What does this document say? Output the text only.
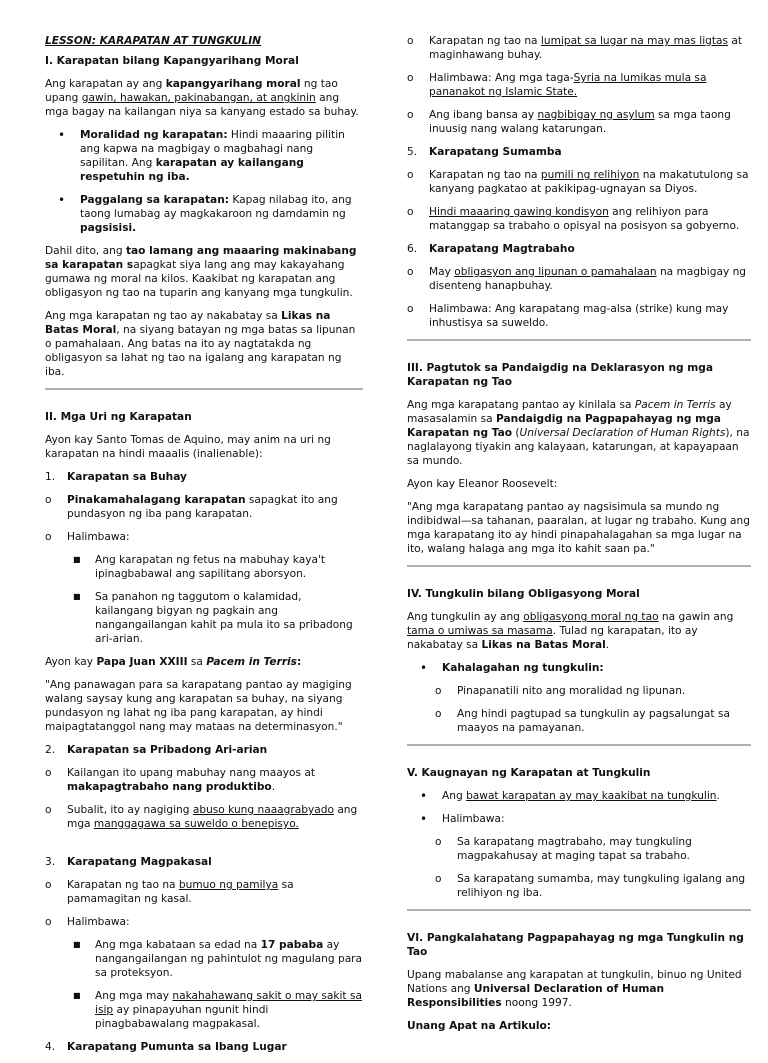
LESSON: KARAPATAN AT TUNGKULIN

I. Karapatan bilang Kapangyarihang Moral

Ang karapatan ay ang kapangyarihang moral ng tao upang gawin, hawakan, pakinabangan, at angkinin ang mga bagay na kailangan niya sa kanyang estado sa buhay.

• Moralidad ng karapatan: Hindi maaaring pilitin ang kapwa na magbigay o magbahagi nang sapilitan. Ang karapatan ay kailangang respetuhin ng iba.
• Paggalang sa karapatan: Kapag nilabag ito, ang taong lumabag ay magkakaroon ng damdamin ng pagsisisi.

Dahil dito, ang tao lamang ang maaaring makinabang sa karapatan sapagkat siya lang ang may kakayahang gumawa ng moral na kilos. Kaakibat ng karapatan ang obligasyon ng tao na tuparin ang kanyang mga tungkulin.

Ang mga karapatan ng tao ay nakabatay sa Likas na Batas Moral, na siyang batayan ng mga batas sa lipunan o pamahalaan. Ang batas na ito ay nagtatakda ng obligasyon sa lahat ng tao na igalang ang karapatan ng iba.

II. Mga Uri ng Karapatan

Ayon kay Santo Tomas de Aquino, may anim na uri ng karapatan na hindi maaalis (inalienable):

1. Karapatan sa Buhay
o Pinakamahalagang karapatan sapagkat ito ang pundasyon ng iba pang karapatan.
o Halimbawa:
■ Ang karapatan ng fetus na mabuhay kaya't ipinagbabawal ang sapilitang aborsyon.
■ Sa panahon ng taggutom o kalamidad, kailangang bigyan ng pagkain ang nangangailangan kahit pa mula ito sa pribadong ari-arian.

Ayon kay Papa Juan XXIII sa Pacem in Terris:

"Ang panawagan para sa karapatang pantao ay magiging walang saysay kung ang karapatan sa buhay, na siyang pundasyon ng lahat ng iba pang karapatan, ay hindi maipagtatanggol nang may mataas na determinasyon."

2. Karapatan sa Pribadong Ari-arian
o Kailangan ito upang mabuhay nang maayos at makapagtrabaho nang produktibo.
o Subalit, ito ay nagiging abuso kung naaagrabyado ang mga manggagawa sa suweldo o benepisyo.
3. Karapatang Magpakasal
o Karapatan ng tao na bumuo ng pamilya sa pamamagitan ng kasal.
o Halimbawa:
■ Ang mga kabataan sa edad na 17 pababa ay nangangailangan ng pahintulot ng magulang para sa proteksyon.
■ Ang mga may nakahahawang sakit o may sakit sa isip ay pinapayuhan ngunit hindi pinagbabawalang magpakasal.
4. Karapatang Pumunta sa Ibang Lugar
o Karapatan ng tao na lumipat sa lugar na may mas ligtas at maginhawang buhay.
o Halimbawa: Ang mga taga-Syria na lumikas mula sa pananakot ng Islamic State.
o Ang ibang bansa ay nagbibigay ng asylum sa mga taong inuusig nang walang katarungan.
5. Karapatang Sumamba
o Karapatan ng tao na pumili ng relihiyon na makatutulong sa kanyang pagkatao at pakikipag-ugnayan sa Diyos.
o Hindi maaaring gawing kondisyon ang relihiyon para matanggap sa trabaho o opisyal na posisyon sa gobyerno.
6. Karapatang Magtrabaho
o May obligasyon ang lipunan o pamahalaan na magbigay ng disenteng hanapbuhay.
o Halimbawa: Ang karapatang mag-alsa (strike) kung may inhustisya sa suweldo.

III. Pagtutok sa Pandaigdig na Deklarasyon ng mga Karapatan ng Tao

Ang mga karapatang pantao ay kinilala sa Pacem in Terris ay masasalamin sa Pandaigdig na Pagpapahayag ng mga Karapatan ng Tao (Universal Declaration of Human Rights), na naglalayong tiyakin ang kalayaan, katarungan, at kapayapaan sa mundo.

Ayon kay Eleanor Roosevelt:

"Ang mga karapatang pantao ay nagsisimula sa mundo ng indibidwal—sa tahanan, paaralan, at lugar ng trabaho. Kung ang mga karapatang ito ay hindi pinapahalagahan sa mga lugar na ito, walang halaga ang mga ito kahit saan pa."

IV. Tungkulin bilang Obligasyong Moral

Ang tungkulin ay ang obligasyong moral ng tao na gawin ang tama o umiwas sa masama. Tulad ng karapatan, ito ay nakabatay sa Likas na Batas Moral.

• Kahalagahan ng tungkulin:
o Pinapanatili nito ang moralidad ng lipunan.
o Ang hindi pagtupad sa tungkulin ay pagsalungat sa maayos na pamayanan.

V. Kaugnayan ng Karapatan at Tungkulin

• Ang bawat karapatan ay may kaakibat na tungkulin.
• Halimbawa:
o Sa karapatang magtrabaho, may tungkuling magpakahusay at maging tapat sa trabaho.
o Sa karapatang sumamba, may tungkuling igalang ang relihiyon ng iba.

VI. Pangkalahatang Pagpapahayag ng mga Tungkulin ng Tao

Upang mabalanse ang karapatan at tungkulin, binuo ng United Nations ang Universal Declaration of Human Responsibilities noong 1997.

Unang Apat na Artikulo:
